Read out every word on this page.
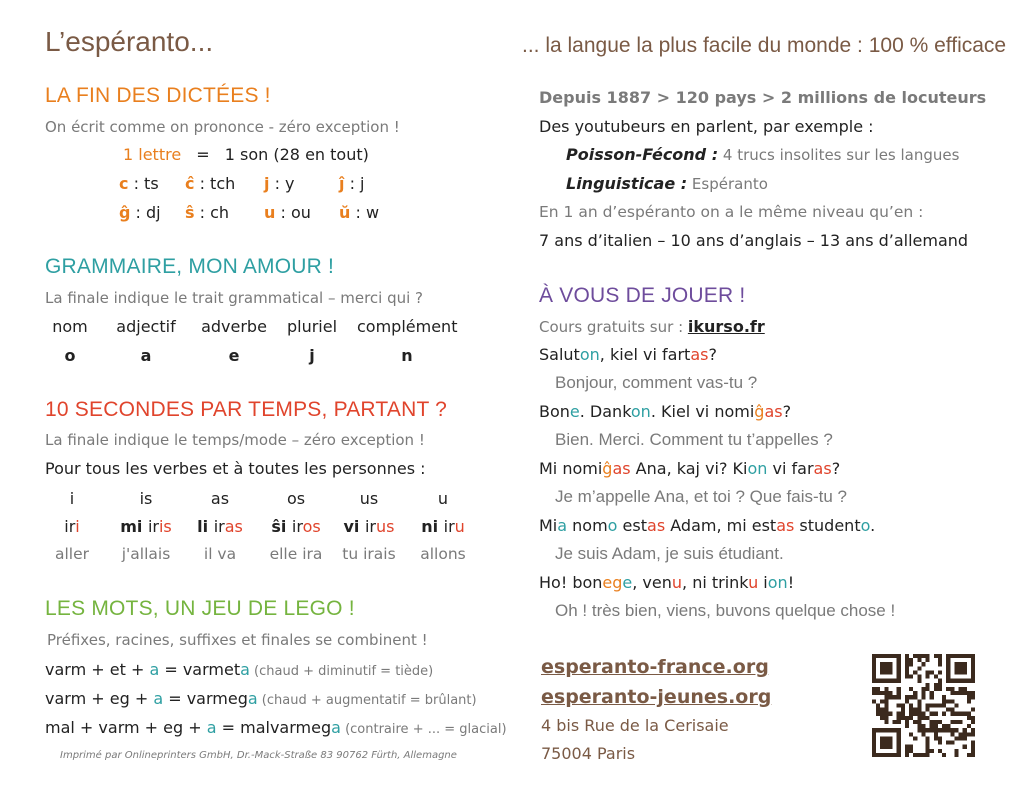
L’espéranto...	... la langue la plus facile du monde : 100 % efficace
LA FIN DES DICTÉES !
On écrit comme on prononce - zéro exception !
1 lettre = 1 son (28 en tout)
c : ts ĉ : tch j : y	ĵ : j
ĝ : dj ŝ : ch u : ou ŭ : w
GRAMMAIRE, MON AMOUR !
La finale indique le trait grammatical – merci qui ?
nom	adjectif	adverbe	pluriel	complément
o	a	e	j	n
10 SECONDES PAR TEMPS, PARTANT ?
La finale indique le temps/mode – zéro exception !
Pour tous les verbes et à toutes les personnes :
i	is	as	os	us	u
iri	mi iris	li iras	ŝi iros	vi irus	ni iru
aller	j'allais	il va	elle ira	tu irais	allons
LES MOTS, UN JEU DE LEGO !
Préfixes, racines, suffixes et finales se combinent !
varm + et + a = varmeta (chaud + diminutif = tiède)
varm + eg + a = varmega (chaud + augmentatif = brûlant)
mal + varm + eg + a = malvarmega (contraire + ... = glacial)
Imprimé par Onlineprinters GmbH, Dr.-Mack-Straße 83 90762 Fürth, Allemagne
Depuis 1887 > 120 pays > 2 millions de locuteurs
Des youtubeurs en parlent, par exemple :
Poisson-Fécond : 4 trucs insolites sur les langues
Linguisticae : Espéranto
En 1 an d’espéranto on a le même niveau qu’en :
7 ans d’italien – 10 ans d’anglais – 13 ans d’allemand
À VOUS DE JOUER !
Cours gratuits sur : ikurso.fr
Saluton, kiel vi fartas?
Bonjour, comment vas-tu ?
Bone. Dankon. Kiel vi nomiĝas?
Bien. Merci. Comment tu t’appelles ?
Mi nomiĝas Ana, kaj vi? Kion vi faras?
Je m’appelle Ana, et toi ? Que fais-tu ?
Mia nomo estas Adam, mi estas studento.
Je suis Adam, je suis étudiant.
Ho! bonege, venu, ni trinku ion!
Oh ! très bien, viens, buvons quelque chose !
esperanto-france.org
esperanto-jeunes.org
4 bis Rue de la Cerisaie
75004 Paris
